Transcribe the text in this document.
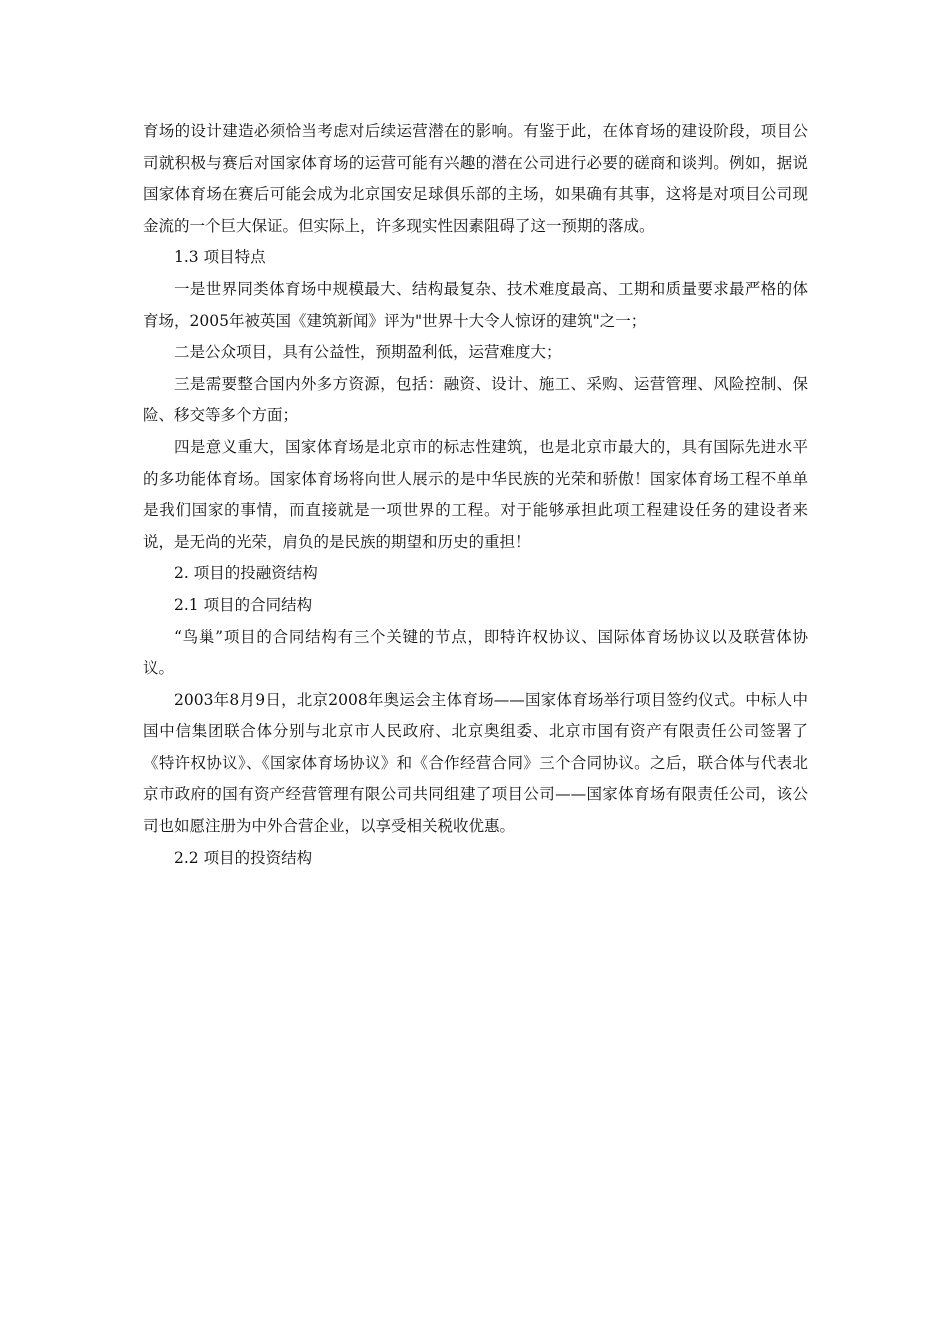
育场的设计建造必须恰当考虑对后续运营潜在的影响。有鉴于此，在体育场的建设阶段，项目公司就积极与赛后对国家体育场的运营可能有兴趣的潜在公司进行必要的磋商和谈判。例如，据说国家体育场在赛后可能会成为北京国安足球俱乐部的主场，如果确有其事，这将是对项目公司现金流的一个巨大保证。但实际上，许多现实性因素阻碍了这一预期的落成。

1.3 项目特点

一是世界同类体育场中规模最大、结构最复杂、技术难度最高、工期和质量要求最严格的体育场，2005年被英国《建筑新闻》评为"世界十大令人惊讶的建筑"之一；

二是公众项目，具有公益性，预期盈利低，运营难度大；

三是需要整合国内外多方资源，包括：融资、设计、施工、采购、运营管理、风险控制、保险、移交等多个方面；

四是意义重大，国家体育场是北京市的标志性建筑，也是北京市最大的，具有国际先进水平的多功能体育场。国家体育场将向世人展示的是中华民族的光荣和骄傲！国家体育场工程不单单是我们国家的事情，而直接就是一项世界的工程。对于能够承担此项工程建设任务的建设者来说，是无尚的光荣，肩负的是民族的期望和历史的重担！

2. 项目的投融资结构

2.1 项目的合同结构

“鸟巢”项目的合同结构有三个关键的节点，即特许权协议、国际体育场协议以及联营体协议。

2003年8月9日，北京2008年奥运会主体育场——国家体育场举行项目签约仪式。中标人中国中信集团联合体分别与北京市人民政府、北京奥组委、北京市国有资产有限责任公司签署了《特许权协议》、《国家体育场协议》和《合作经营合同》三个合同协议。之后，联合体与代表北京市政府的国有资产经营管理有限公司共同组建了项目公司——国家体育场有限责任公司，该公司也如愿注册为中外合营企业，以享受相关税收优惠。

2.2 项目的投资结构
